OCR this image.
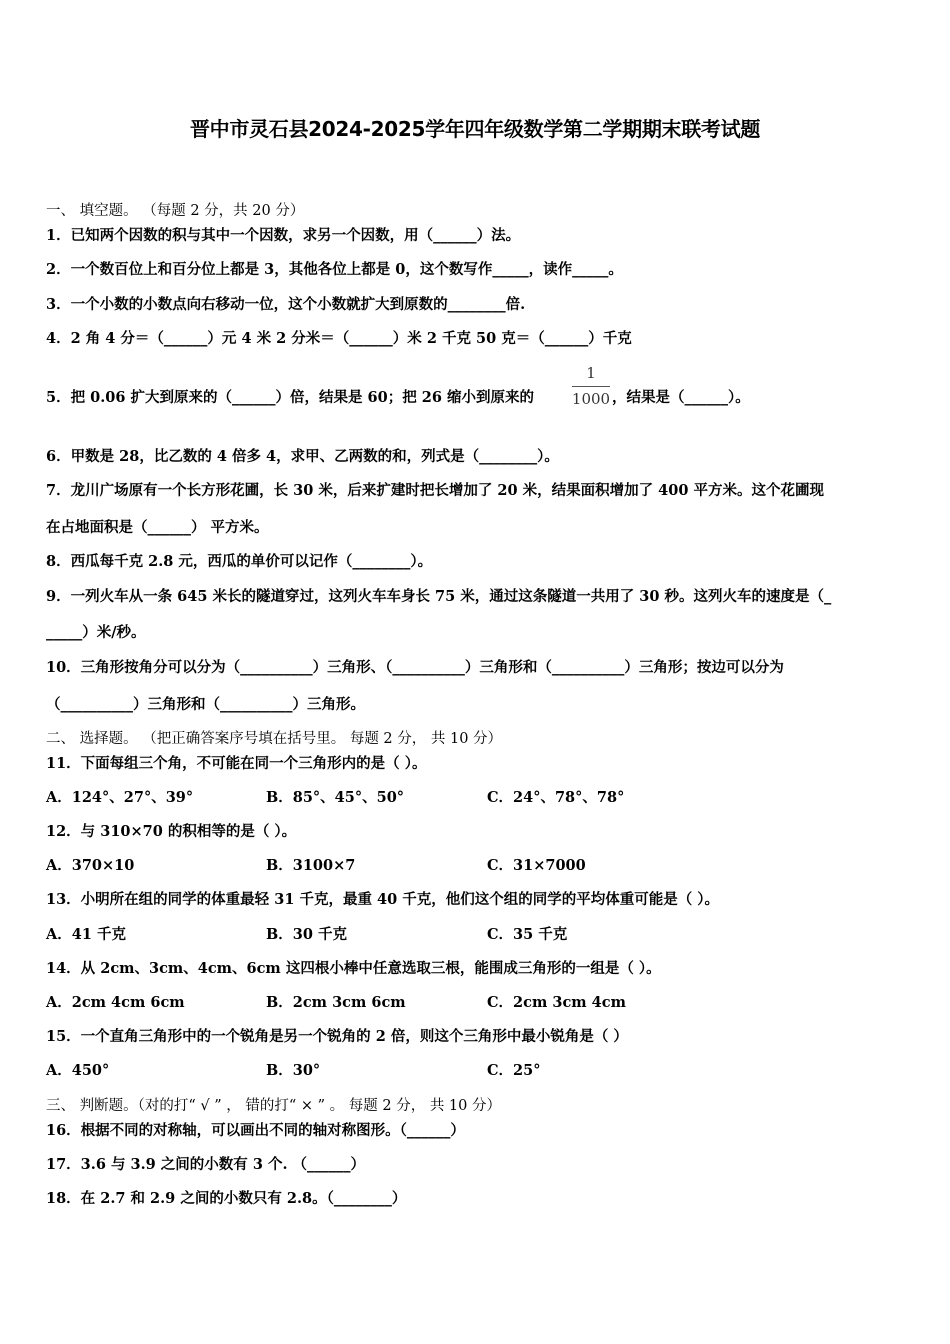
晋中市灵石县2024-2025学年四年级数学第二学期期末联考试题
一、 填空题。 （每题 2 分，共 20 分）
1．已知两个因数的积与其中一个因数，求另一个因数，用（______）法。
2．一个数百位上和百分位上都是 3，其他各位上都是 0，这个数写作_____，读作_____。
3．一个小数的小数点向右移动一位，这个小数就扩大到原数的________倍.
4．2 角 4 分＝（______）元 4 米 2 分米＝（______）米 2 千克 50 克＝（______）千克
5．把 0.06 扩大到原来的（______）倍，结果是 60；把 26 缩小到原来的
1
1000 ，结果是（______）。
6．甲数是 28，比乙数的 4 倍多 4，求甲、乙两数的和，列式是（________）。
7．龙川广场原有一个长方形花圃，长 30 米，后来扩建时把长增加了 20 米，结果面积增加了 400 平方米。这个花圃现
在占地面积是（______） 平方米。
8．西瓜每千克 2.8 元，西瓜的单价可以记作（________）。
9．一列火车从一条 645 米长的隧道穿过，这列火车车身长 75 米，通过这条隧道一共用了 30 秒。这列火车的速度是（_
_____）米/秒。
10．三角形按角分可以分为（__________）三角形、（__________）三角形和（__________）三角形；按边可以分为
（__________）三角形和（__________）三角形。
二、 选择题。 （把正确答案序号填在括号里。 每题 2 分， 共 10 分）
11．下面每组三个角，不可能在同一个三角形内的是（ ）。
A．124°、27°、39°	B．85°、45°、50°	C．24°、78°、78°
12．与 310×70 的积相等的是（ ）。
A．370×10	B．3100×7	C．31×7000
13．小明所在组的同学的体重最轻 31 千克，最重 40 千克，他们这个组的同学的平均体重可能是（ ）。
A．41 千克	B．30 千克	C．35 千克
14．从 2cm、3cm、4cm、6cm 这四根小棒中任意选取三根，能围成三角形的一组是（ ）。
A．2cm 4cm 6cm	B．2cm 3cm 6cm	C．2cm 3cm 4cm
15．一个直角三角形中的一个锐角是另一个锐角的 2 倍，则这个三角形中最小锐角是（ ）
A．450°	B．30°	C．25°
三、 判断题。（对的打“ √ ” ， 错的打“ × ” 。 每题 2 分， 共 10 分）
16．根据不同的对称轴，可以画出不同的轴对称图形。（______）
17．3.6 与 3.9 之间的小数有 3 个. （______）
18．在 2.7 和 2.9 之间的小数只有 2.8。（________）
